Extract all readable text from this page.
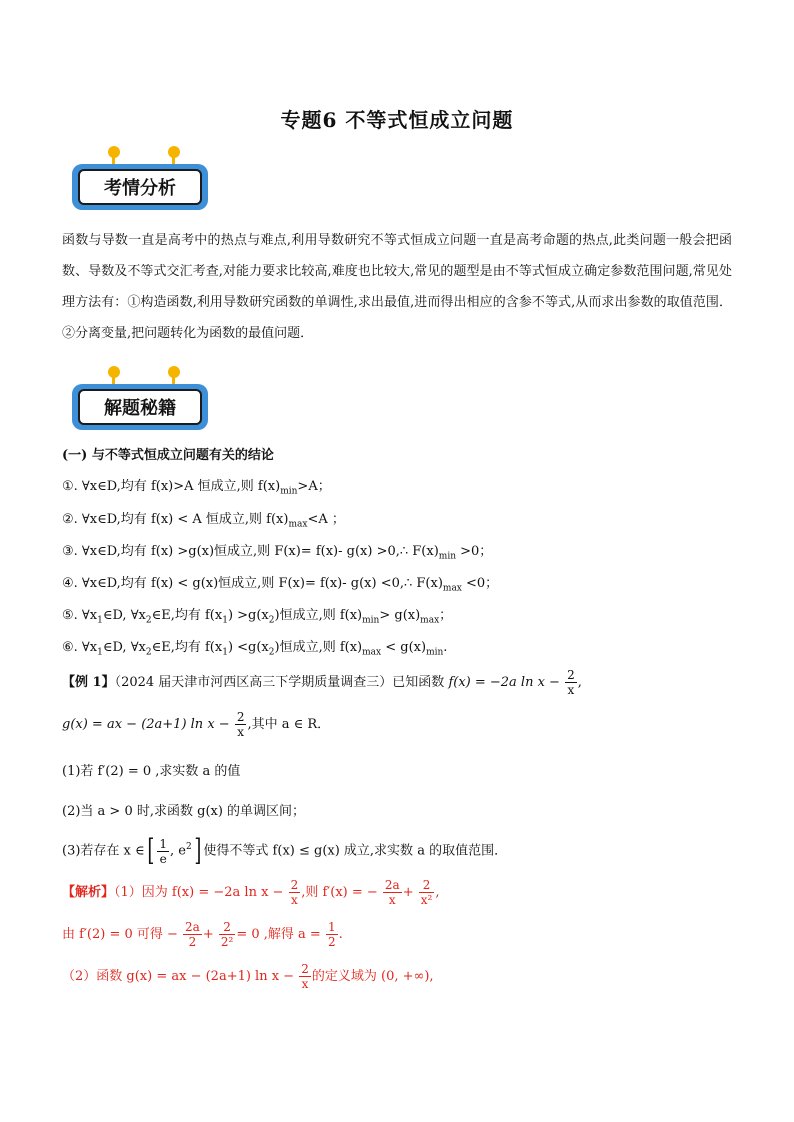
专题6 不等式恒成立问题
考情分析
函数与导数一直是高考中的热点与难点,利用导数研究不等式恒成立问题一直是高考命题的热点,此类问题一般会把函数、导数及不等式交汇考查,对能力要求比较高,难度也比较大,常见的题型是由不等式恒成立确定参数范围问题,常见处理方法有：①构造函数,利用导数研究函数的单调性,求出最值,进而得出相应的含参不等式,从而求出参数的取值范围．②分离变量,把问题转化为函数的最值问题．
解题秘籍
(一) 与不等式恒成立问题有关的结论
①. ∀x∈D,均有 f(x)>A 恒成立,则 $f(x)_{min}>A$；
②. ∀x∈D,均有 f(x) < A 恒成立,则 $f(x)_{max}<A$ ；
③. ∀x∈D,均有 f(x) >g(x)恒成立,则 F(x)= f(x)- g(x) >0,∴ $F(x)_{min} >0$；
④. ∀x∈D,均有 f(x) < g(x)恒成立,则 F(x)= f(x)- g(x) <0,∴ $F(x)_{max} <0$；
⑤. $\forall x_1\in D$, $\forall x_2\in E$,均有 $f(x_1) >g(x_2)$恒成立,则 $f(x)_{min}> g(x)_{max}$；
⑥. $\forall x_1\in D$, $\forall x_2\in E$,均有 $f(x_1) <g(x_2)$恒成立,则 $f(x)_{max} < g(x)_{min}$.
【例 1】（2024 届天津市河西区高三下学期质量调查三）已知函数 f(x) = −2a $\ln x - \frac{2}{x}$ ,
g(x) = ax − (2a+1) $\ln x - \frac{2}{x}$ ,其中 a ∈ R．
(1)若 f′(2) = 0 ,求实数 a 的值
(2)当 a > 0 时,求函数 g(x) 的单调区间；
(3)若存在 x ∈[ $\frac{1}{e}$ , $e^2$] 使得不等式 f(x) ≤ g(x) 成立,求实数 a 的取值范围．
【解析】（1）因为 f(x) = −2a $\ln x - \frac{2}{x}$ ,则 f′(x) = − $\frac{2a}{x} + \frac{2}{\text{x²}}$ ,
由 f′(2) = 0 可得 − $\frac{2a}{2} + \frac{2}{\text{2²}} = 0$ ,解得 $a = \frac{1}{2}$ .
（2）函数 g(x) = ax − (2a+1) $\ln x - \frac{2}{x}$ 的定义域为 (0, +∞),
